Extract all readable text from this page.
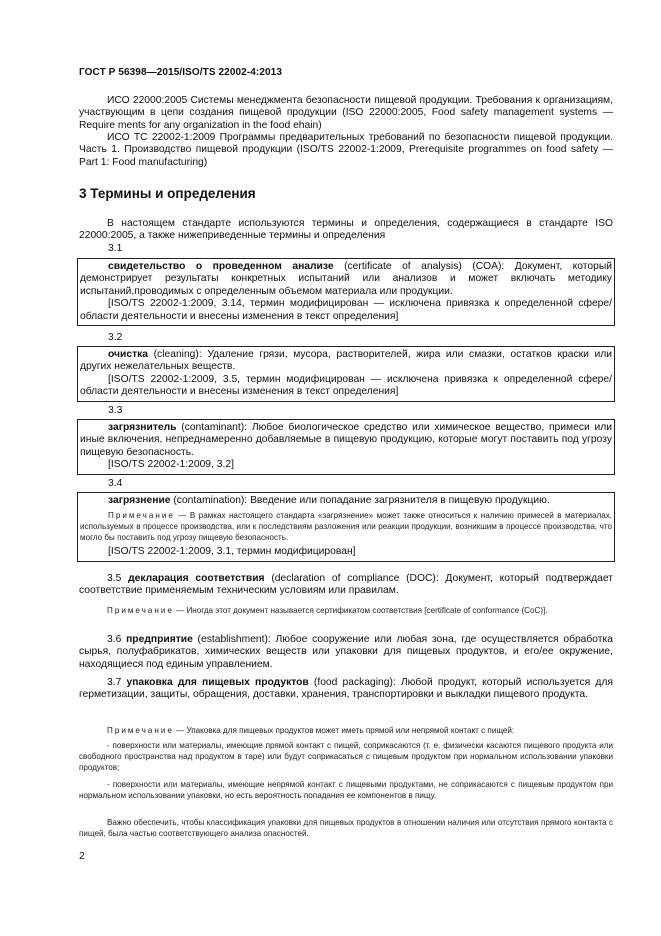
ГОСТ Р 56398—2015/ISO/TS 22002-4:2013

ИСО 22000:2005 Системы менеджмента безопасности пищевой продукции. Требования к организациям, участвующим в цепи создания пищевой продукции (ISO 22000:2005, Food safety management systems — Require ments for any organization in the food ehain)

ИСО ТС 22002-1:2009 Программы предварительных требований по безопасности пищевой продукции. Часть 1. Производство пищевой продукции (ISO/TS 22002-1:2009, Prerequisite programmes on food safety — Part 1: Food manufacturing)

3 Термины и определения

В настоящем стандарте используются термины и определения, содержащиеся в стандарте ISO 22000:2005, а также нижеприведенные термины и определения

3.1

свидетельство о проведенном анализе (certificate of analysis) (COA): Документ, который демонстрирует результаты конкретных испытаний или анализов и может включать методику испытаний,проводимых с определенным объемом материала или продукции.

[ISO/TS 22002-1:2009, 3.14, термин модифицирован — исключена привязка к определенной сфере/области деятельности и внесены изменения в текст определения]

3.2

очистка (cleaning): Удаление грязи, мусора, растворителей, жира или смазки, остатков краски или других нежелательных веществ.

[ISO/TS 22002-1:2009, 3.5, термин модифицирован — исключена привязка к определенной сфере/области деятельности и внесены изменения в текст определения]

3.3

загрязнитель (contaminant): Любое биологическое средство или химическое вещество, примеси или иные включения, непреднамеренно добавляемые в пищевую продукцию, которые могут поставить под угрозу пищевую безопасность.

[ISO/TS 22002-1:2009, 3.2]

3.4

загрязнение (contamination): Введение или попадание загрязнителя в пищевую продукцию.

Примечание — В рамках настоящего стандарта «загрязнение» может также относиться к наличию примесей в материалах, используемых в процессе производства, или к последствиям разложения или реакции продукции, возникшим в процессе производства, что могло бы поставить под угрозу пищевую безопасность.

[ISO/TS 22002-1:2009, 3.1, термин модифицирован]

3.5 декларация соответствия (declaration of compliance (DOC): Документ, который подтверждает соответствие применяемым техническим условиям или правилам.

Примечание — Иногда этот документ называется сертификатом соответствия [certificate of conformance (CoC)].

3.6 предприятие (establishment): Любое сооружение или любая зона, где осуществляется обработка сырья, полуфабрикатов, химических веществ или упаковки для пищевых продуктов, и его/ее окружение, находящиеся под единым управлением.

3.7 упаковка для пищевых продуктов (food packaging): Любой продукт, который используется для герметизации, защиты, обращения, доставки, хранения, транспортировки и выкладки пищевого продукта.

Примечание — Упаковка для пищевых продуктов может иметь прямой или непрямой контакт с пищей:

- поверхности или материалы, имеющие прямой контакт с пищей, соприкасаются (т. е. физически касаются пищевого продукта или свободного пространства над продуктом в таре) или будут соприкасаться с пищевым продуктом при нормальном использовании упаковки продуктов;

- поверхности или материалы, имеющие непрямой контакт с пищевыми продуктами, не соприкасаются с пищевым продуктом при нормальном использовании упаковки, но есть вероятность попадания ее компонентов в пищу.

Важно обеспечить, чтобы классификация упаковки для пищевых продуктов в отношении наличия или отсутствия прямого контакта с пищей, была частью соответствующего анализа опасностей.

2
